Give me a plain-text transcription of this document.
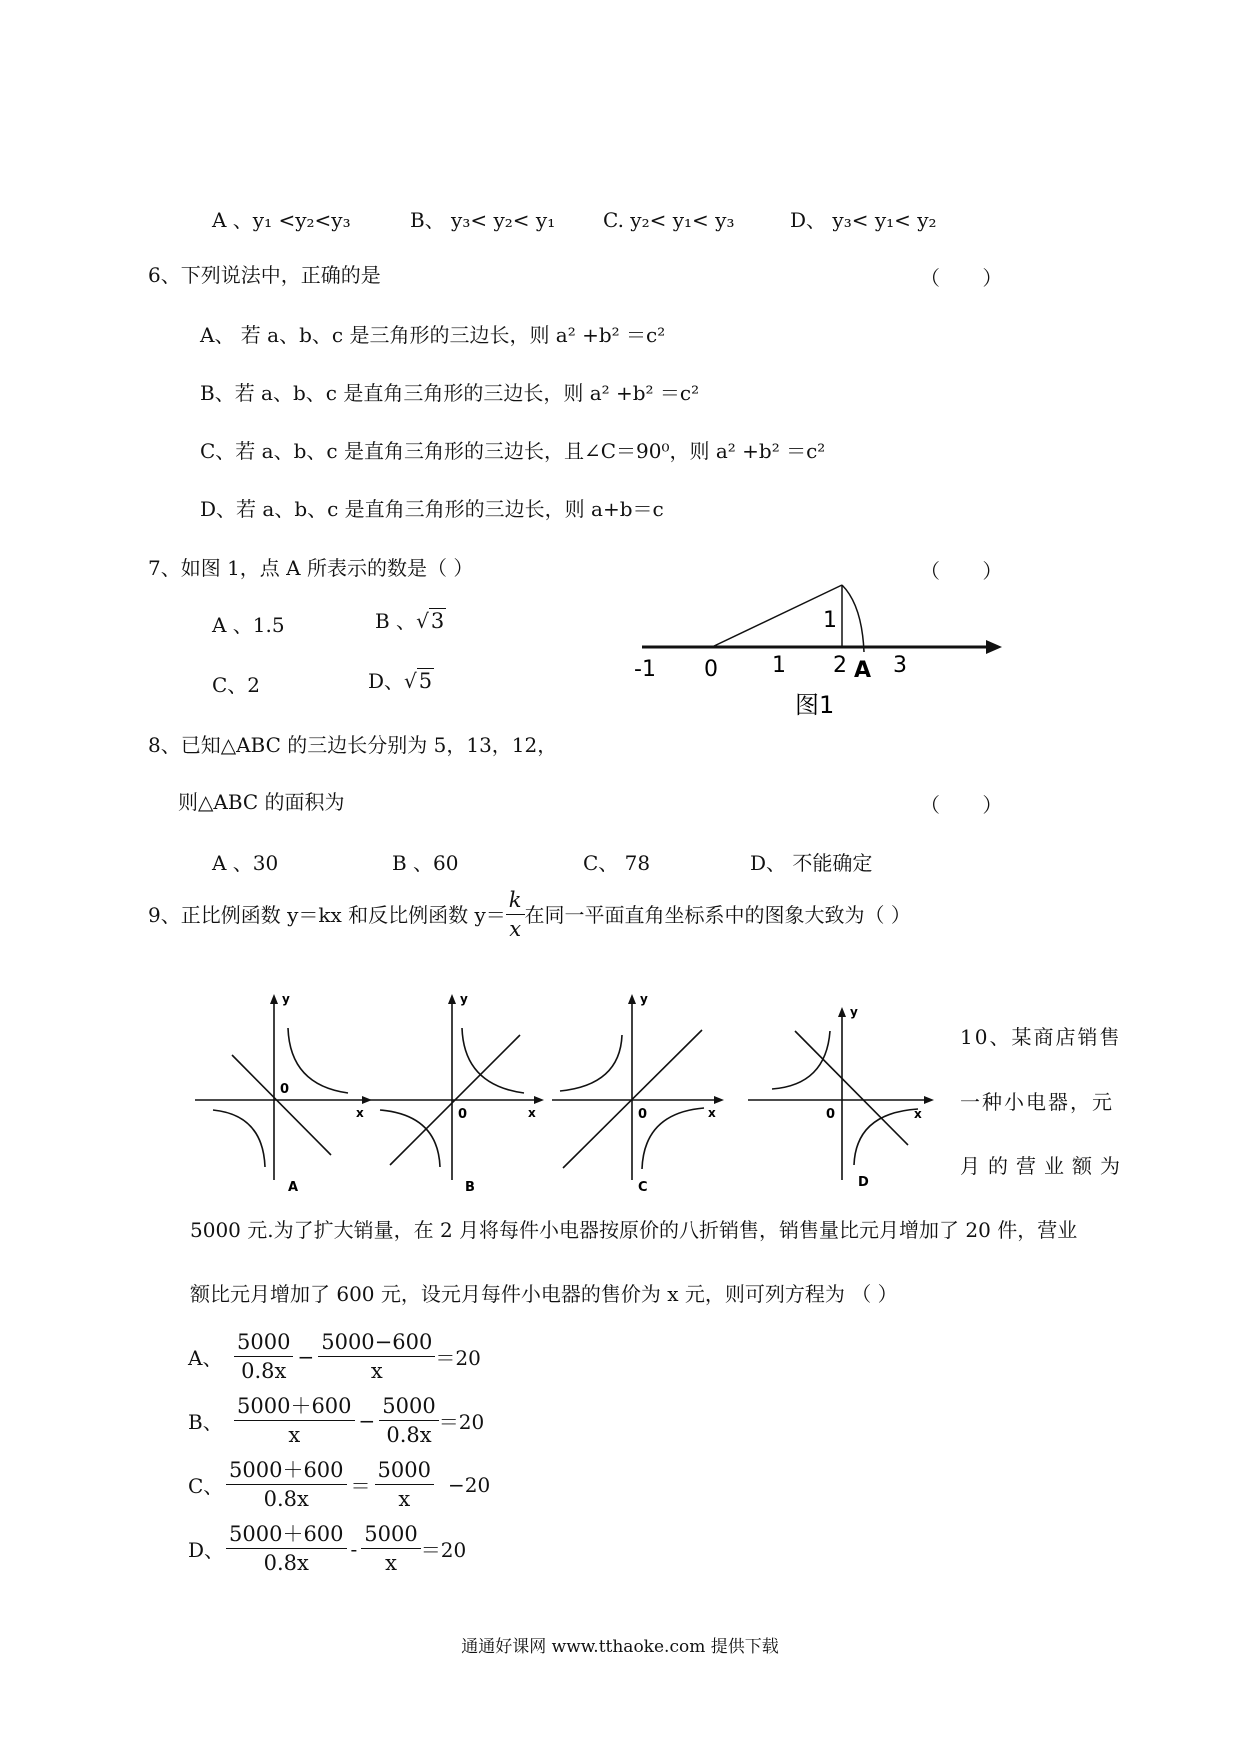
A 、y₁ <y₂<y₃	B、 y₃< y₂< y₁ C. y₂< y₁< y₃	D、 y₃< y₁< y₂
6、下列说法中，正确的是	（ ）
A、 若 a、b、c 是三角形的三边长，则 a² +b² ＝c²
B、若 a、b、c 是直角三角形的三边长，则 a² +b² ＝c²
C、若 a、b、c 是直角三角形的三边长，且∠C＝90⁰，则 a² +b² ＝c²
D、若 a、b、c 是直角三角形的三边长，则 a+b＝c
7、如图 1，点 A 所表示的数是（ ）	（ ）
A 、1.5	B 、√3
C、2	D、√5
1
-1 0 1 2 A 3
图1
8、已知△ABC 的三边长分别为 5，13，12，
则△ABC 的面积为	（ ）
A 、30	B 、60	C、 78	D、 不能确定
9、正比例函数 y＝kx 和反比例函数 $y= \frac{k}{x}$ 在同一平面直角坐标系中的图象大致为（ ）
0
x
y
A
0	x
y
B
0	x
y
C
0	x
y
D
10、某商店销售
一种小电器，元
月的营业额为
5000 元.为了扩大销量，在 2 月将每件小电器按原价的八折销售，销售量比元月增加了 20 件，营业
额比元月增加了 600 元，设元月每件小电器的售价为 x 元，则可列方程为 （ ）
A、 $\frac{5000}{0.8x} - \frac{5000-600}{x} =20$
B、 $\frac{5000+600}{x} - \frac{5000}{0.8x} =20$
C、 $\frac{5000+600}{0.8x} = \frac{5000}{x} -20$
D、 $\frac{5000+600}{0.8x} - \frac{5000}{x} =20$
通通好课网 www.tthaoke.com 提供下载
